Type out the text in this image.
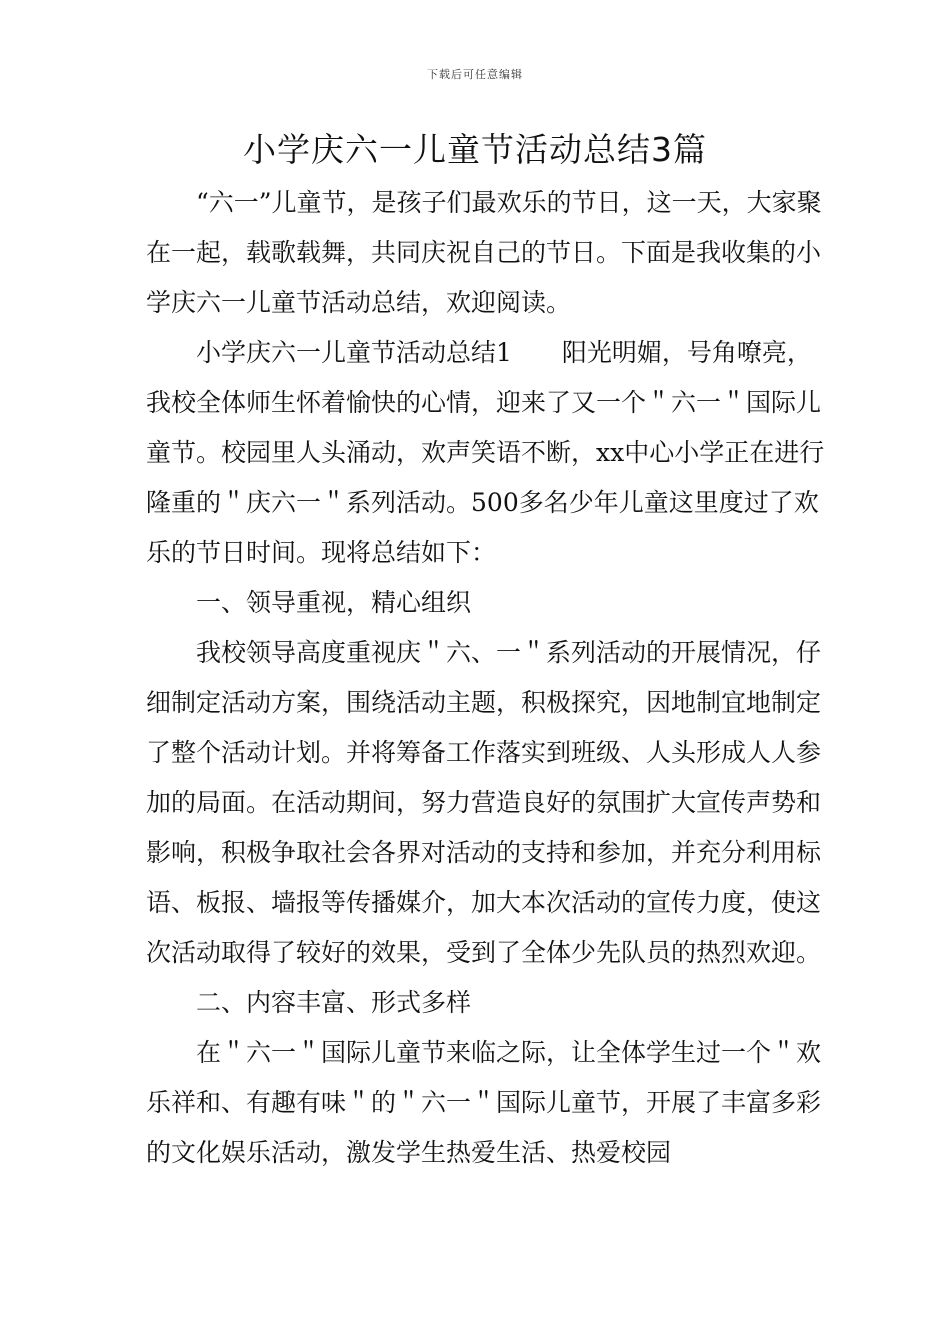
下载后可任意编辑
小学庆六一儿童节活动总结3篇

“六一”儿童节，是孩子们最欢乐的节日，这一天，大家聚在一起，载歌载舞，共同庆祝自己的节日。下面是我收集的小学庆六一儿童节活动总结，欢迎阅读。

小学庆六一儿童节活动总结1　　阳光明媚，号角嘹亮，我校全体师生怀着愉快的心情，迎来了又一个＂六一＂国际儿童节。校园里人头涌动，欢声笑语不断，xx中心小学正在进行隆重的＂庆六一＂系列活动。500多名少年儿童这里度过了欢乐的节日时间。现将总结如下：

一、领导重视，精心组织

我校领导高度重视庆＂六、一＂系列活动的开展情况，仔细制定活动方案，围绕活动主题，积极探究，因地制宜地制定了整个活动计划。并将筹备工作落实到班级、人头形成人人参加的局面。在活动期间，努力营造良好的氛围扩大宣传声势和影响，积极争取社会各界对活动的支持和参加，并充分利用标语、板报、墙报等传播媒介，加大本次活动的宣传力度，使这次活动取得了较好的效果，受到了全体少先队员的热烈欢迎。

二、内容丰富、形式多样

在＂六一＂国际儿童节来临之际，让全体学生过一个＂欢乐祥和、有趣有味＂的＂六一＂国际儿童节，开展了丰富多彩的文化娱乐活动，激发学生热爱生活、热爱校园
